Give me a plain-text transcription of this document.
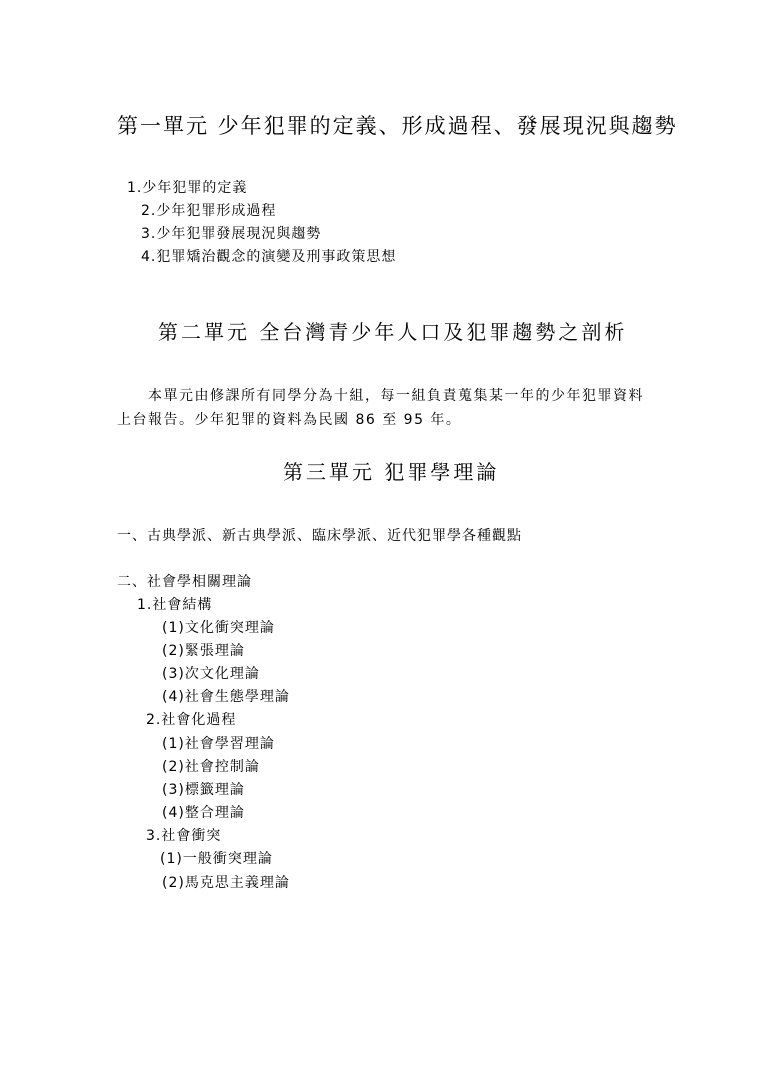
第一單元 少年犯罪的定義、形成過程、發展現況與趨勢
1.少年犯罪的定義
2.少年犯罪形成過程
3.少年犯罪發展現況與趨勢
4.犯罪矯治觀念的演變及刑事政策思想
第二單元 全台灣青少年人口及犯罪趨勢之剖析
本單元由修課所有同學分為十組，每一組負責蒐集某一年的少年犯罪資料
上台報告。少年犯罪的資料為民國 86 至 95 年。
第三單元 犯罪學理論
一、古典學派、新古典學派、臨床學派、近代犯罪學各種觀點
二、社會學相關理論
1.社會結構
(1)文化衝突理論
(2)緊張理論
(3)次文化理論
(4)社會生態學理論
2.社會化過程
(1)社會學習理論
(2)社會控制論
(3)標籤理論
(4)整合理論
3.社會衝突
(1)一般衝突理論
(2)馬克思主義理論
